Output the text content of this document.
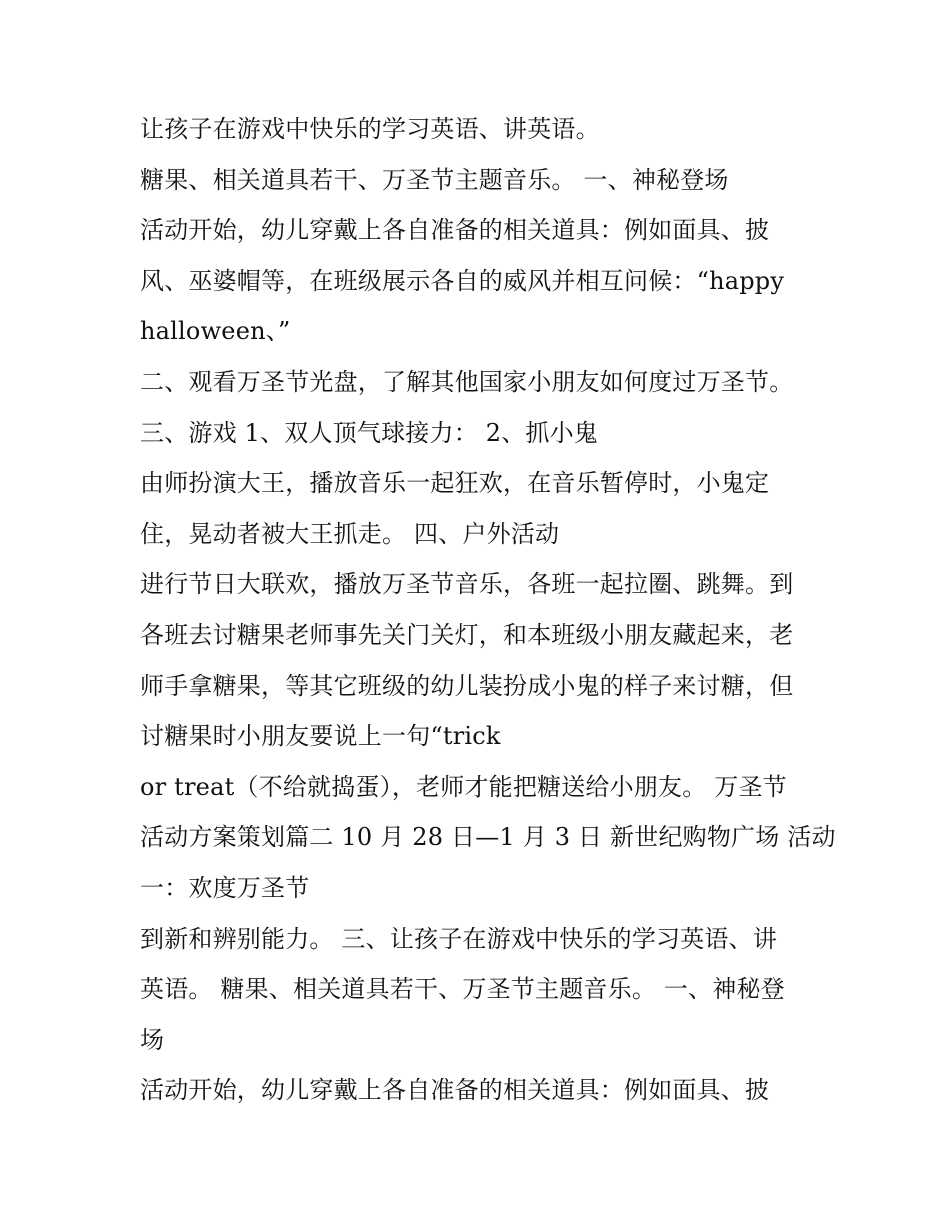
让孩子在游戏中快乐的学习英语、讲英语。
糖果、相关道具若干、万圣节主题音乐。 一、神秘登场
活动开始，幼儿穿戴上各自准备的相关道具：例如面具、披
风、巫婆帽等，在班级展示各自的威风并相互问候：“happy
halloween、”
二、观看万圣节光盘，了解其他国家小朋友如何度过万圣节。
三、游戏 1、双人顶气球接力： 2、抓小鬼
由师扮演大王，播放音乐一起狂欢，在音乐暂停时，小鬼定
住，晃动者被大王抓走。 四、户外活动
进行节日大联欢，播放万圣节音乐，各班一起拉圈、跳舞。到
各班去讨糖果老师事先关门关灯，和本班级小朋友藏起来，老
师手拿糖果，等其它班级的幼儿装扮成小鬼的样子来讨糖，但
讨糖果时小朋友要说上一句“trick
or treat（不给就捣蛋），老师才能把糖送给小朋友。 万圣节
活动方案策划篇二 10 月 28 日—1 月 3 日 新世纪购物广场 活动
一：欢度万圣节
到新和辨别能力。 三、让孩子在游戏中快乐的学习英语、讲
英语。 糖果、相关道具若干、万圣节主题音乐。 一、神秘登
场
活动开始，幼儿穿戴上各自准备的相关道具：例如面具、披
